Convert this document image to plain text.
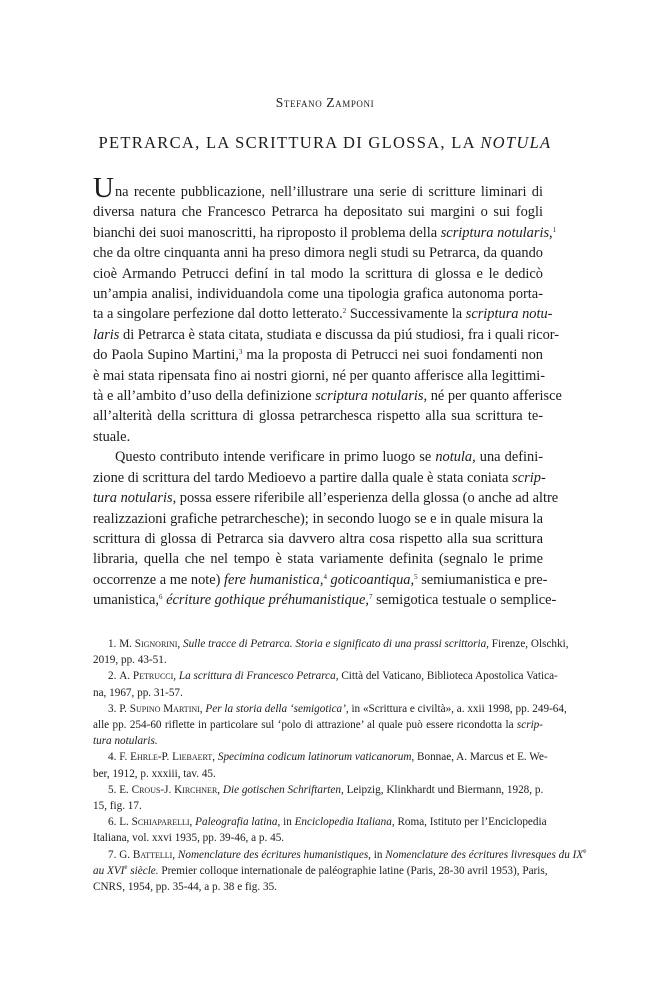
Stefano Zamponi
PETRARCA, LA SCRITTURA DI GLOSSA, LA NOTULA

Una recente pubblicazione, nell’illustrare una serie di scritture liminari di
diversa natura che Francesco Petrarca ha depositato sui margini o sui fogli
bianchi dei suoi manoscritti, ha riproposto il problema della scriptura notularis,$^1$
che da oltre cinquanta anni ha preso dimora negli studi su Petrarca, da quando
cioè Armando Petrucci definí in tal modo la scrittura di glossa e le dedicò
un’ampia analisi, individuandola come una tipologia grafica autonoma porta-
ta a singolare perfezione dal dotto letterato.$^2$ Successivamente la scriptura notu-
laris di Petrarca è stata citata, studiata e discussa da piú studiosi, fra i quali ricor-
do Paola Supino Martini,$^3$ ma la proposta di Petrucci nei suoi fondamenti non
è mai stata ripensata fino ai nostri giorni, né per quanto afferisce alla legittimi-
tà e all’ambito d’uso della definizione scriptura notularis, né per quanto afferisce
all’alterità della scrittura di glossa petrarchesca rispetto alla sua scrittura te-
stuale.

Questo contributo intende verificare in primo luogo se notula, una defini-
zione di scrittura del tardo Medioevo a partire dalla quale è stata coniata scrip-
tura notularis, possa essere riferibile all’esperienza della glossa (o anche ad altre
realizzazioni grafiche petrarchesche); in secondo luogo se e in quale misura la
scrittura di glossa di Petrarca sia davvero altra cosa rispetto alla sua scrittura
libraria, quella che nel tempo è stata variamente definita (segnalo le prime
occorrenze a me note) fere humanistica,$^4$ goticoantiqua,$^5$ semiumanistica e pre-
umanistica,$^6$ écriture gothique préhumanistique,$^7$ semigotica testuale o semplice-

1. M. Signorini, Sulle tracce di Petrarca. Storia e significato di una prassi scrittoria, Firenze, Olschki,
2019, pp. 43-51.
2. A. Petrucci, La scrittura di Francesco Petrarca, Città del Vaticano, Biblioteca Apostolica Vatica-
na, 1967, pp. 31-57.
3. P. Supino Martini, Per la storia della ‘semigotica’, in «Scrittura e civiltà», a. xxii 1998, pp. 249-64,
alle pp. 254-60 riflette in particolare sul ‘polo di attrazione’ al quale può essere ricondotta la scrip-
tura notularis.
4. F. Ehrle-P. Liebaert, Specimina codicum latinorum vaticanorum, Bonnae, A. Marcus et E. We-
ber, 1912, p. xxxiii, tav. 45.
5. E. Crous-J. Kirchner, Die gotischen Schriftarten, Leipzig, Klinkhardt und Biermann, 1928, p.
15, fig. 17.
6. L. Schiaparelli, Paleografia latina, in Enciclopedia Italiana, Roma, Istituto per l’Enciclopedia
Italiana, vol. xxvi 1935, pp. 39-46, a p. 45.
7. G. Battelli, Nomenclature des écritures humanistiques, in Nomenclature des écritures livresques du IXe
au XVIe siècle. Premier colloque internationale de paléographie latine (Paris, 28-30 avril 1953), Paris,
CNRS, 1954, pp. 35-44, a p. 38 e fig. 35.
